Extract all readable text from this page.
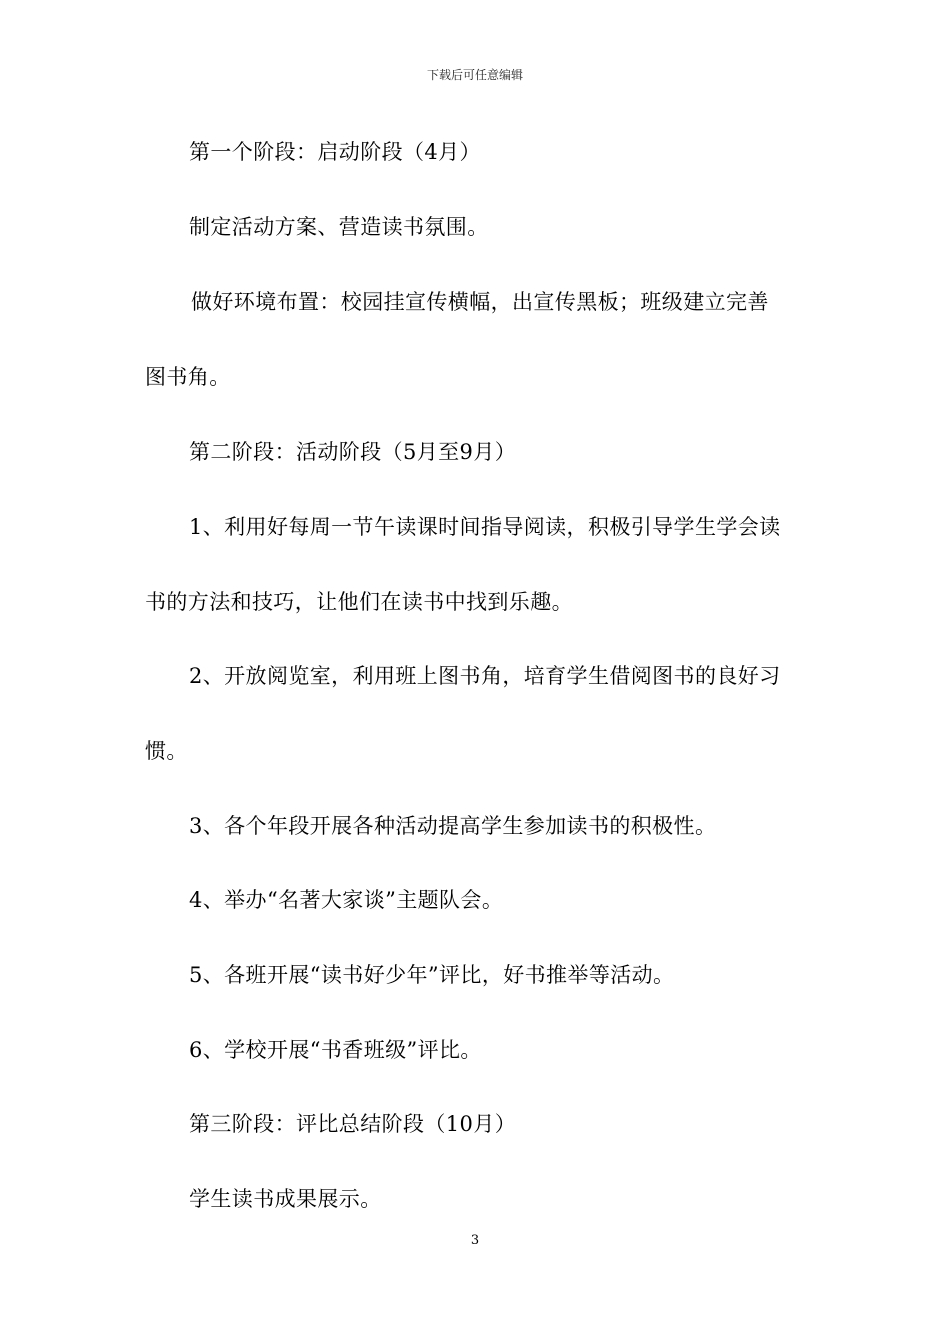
下载后可任意编辑
第一个阶段：启动阶段（4月）
制定活动方案、营造读书氛围。
做好环境布置：校园挂宣传横幅，出宣传黑板；班级建立完善
图书角。
第二阶段：活动阶段（5月至9月）
1、利用好每周一节午读课时间指导阅读，积极引导学生学会读
书的方法和技巧，让他们在读书中找到乐趣。
2、开放阅览室，利用班上图书角，培育学生借阅图书的良好习
惯。
3、各个年段开展各种活动提高学生参加读书的积极性。
4、举办“名著大家谈”主题队会。
5、各班开展“读书好少年”评比，好书推举等活动。
6、学校开展“书香班级”评比。
第三阶段：评比总结阶段（10月）
学生读书成果展示。
3
